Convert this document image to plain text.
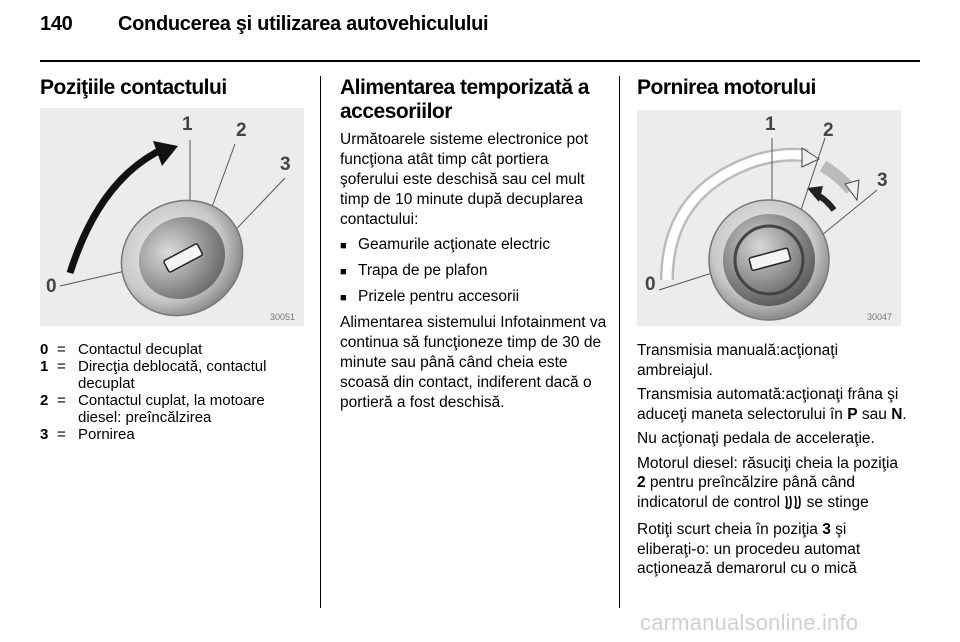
140 Conducerea şi utilizarea autovehiculului
Poziţiile contactului
1 2
3
0
30051
0 = Contactul decuplat
1 = Direcţia deblocată, contactul decuplat
2 = Contactul cuplat, la motoare diesel: preîncălzirea
3 = Pornirea
Alimentarea temporizată a accesoriilor

Următoarele sisteme electronice pot funcţiona atât timp cât portiera şoferului este deschisă sau cel mult timp de 10 minute după decuplarea contactului:

■ Geamurile acţionate electric
■ Trapa de pe plafon
■ Prizele pentru accesorii

Alimentarea sistemului Infotainment va continua să funcţioneze timp de 30 de minute sau până când cheia este scoasă din contact, indiferent dacă o portieră a fost deschisă.

Pornirea motorului
1 2
3
0
30047

Transmisia manuală:acţionaţi ambreiajul.

Transmisia automată:acţionaţi frâna şi aduceţi maneta selectorului în P sau N.

Nu acţionaţi pedala de acceleraţie.

Motorul diesel: răsuciţi cheia la poziţia 2 pentru preîncălzire până când indicatorul de control  se stinge

Rotiţi scurt cheia în poziţia 3 şi eliberaţi-o: un procedeu automat acţionează demarorul cu o mică

carmanualsonline.info
